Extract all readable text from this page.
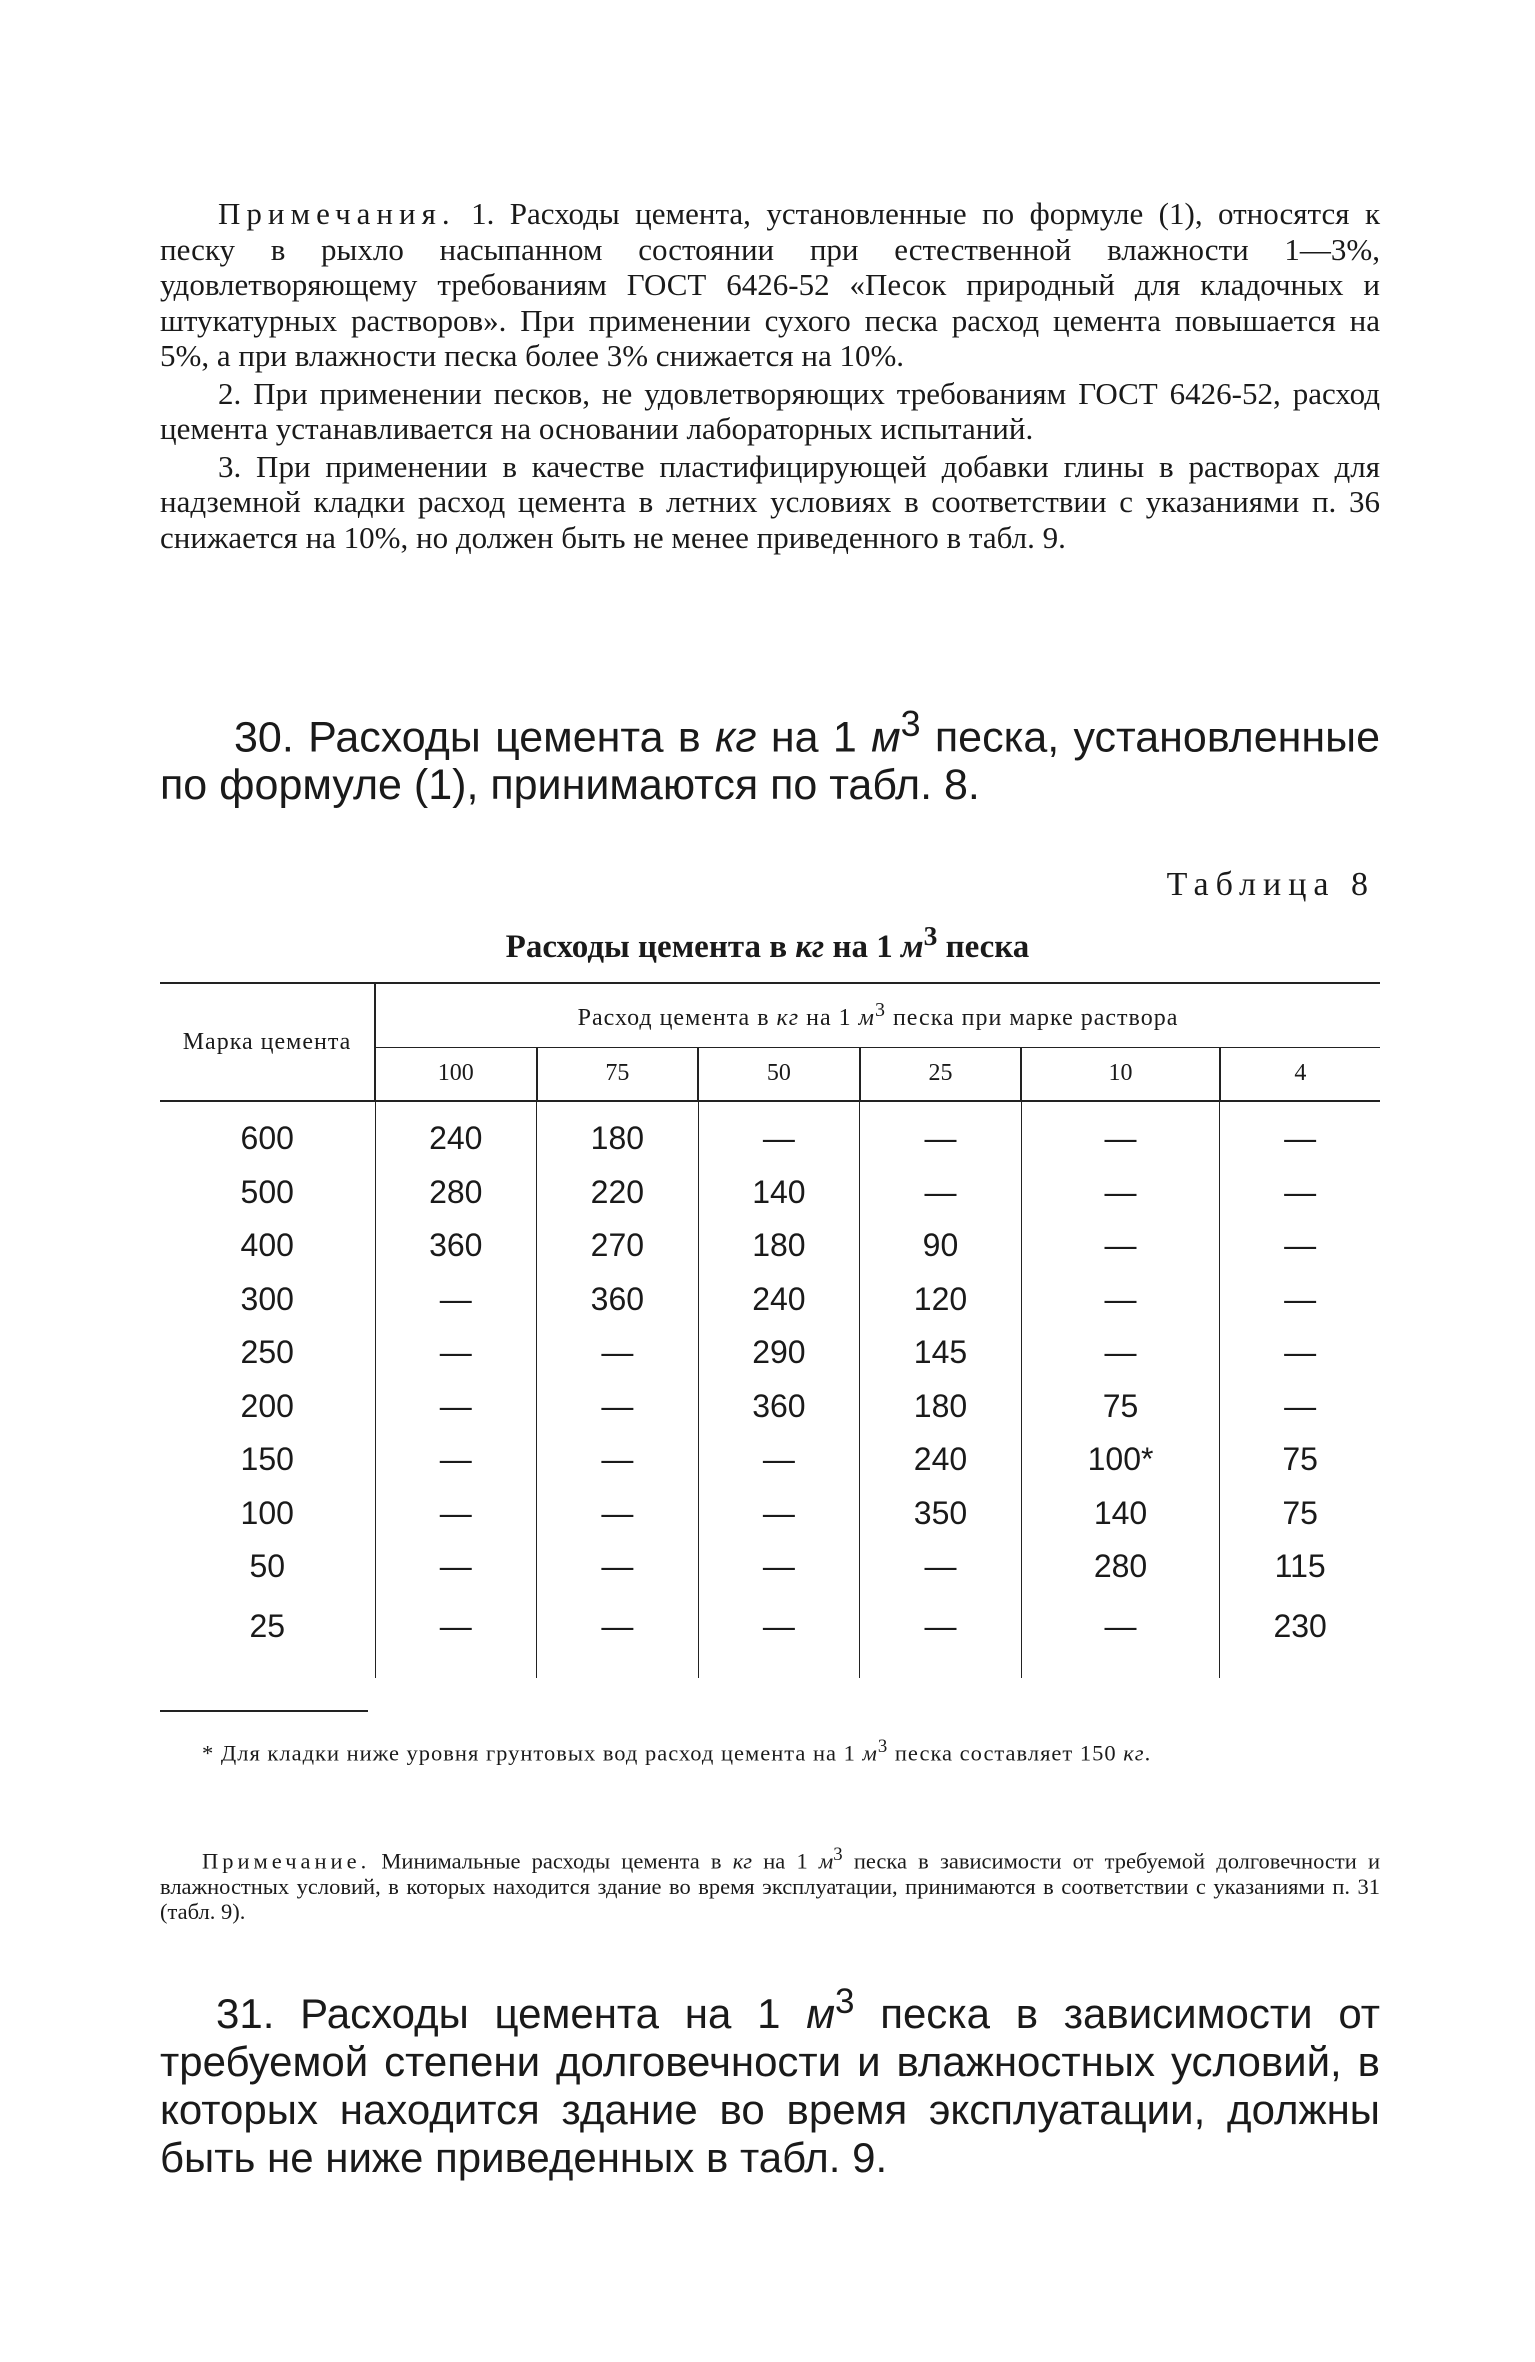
Примечания. 1. Расходы цемента, установленные по формуле (1), относятся к песку в рыхло насыпанном состоянии при естественной влажности 1—3%, удовлетворяющему требованиям ГОСТ 6426-52 «Песок природный для кладочных и штукатурных растворов». При применении сухого песка расход цемента повышается на 5%, а при влажности песка более 3% снижается на 10%.

2. При применении песков, не удовлетворяющих требованиям ГОСТ 6426-52, расход цемента устанавливается на основании лабораторных испытаний.

3. При применении в качестве пластифицирующей добавки глины в растворах для надземной кладки расход цемента в летних условиях в соответствии с указаниями п. 36 снижается на 10%, но должен быть не менее приведенного в табл. 9.

30. Расходы цемента в кг на 1 $м^3$ песка, установленные по формуле (1), принимаются по табл. 8.

Таблица 8
Расходы цемента в кг на 1 $м^3$ песка
Марка цемента	Расход цемента в кг на 1 $м^3$ песка при марке раствора					
	100	75	50	25	10	4
600	240	180	—	—	—	—
500	280	220	140	—	—	—
400	360	270	180	90	—	—
300	—	360	240	120	—	—
250	—	—	290	145	—	—
200	—	—	360	180	75	—
150	—	—	—	240	100*	75
100	—	—	—	350	140	75
50	—	—	—	—	280	115
25	—	—	—	—	—	230

* Для кладки ниже уровня грунтовых вод расход цемента на 1 $м^3$ песка составляет 150 кг.

Примечание. Минимальные расходы цемента в кг на 1 $м^3$ песка в зависимости от требуемой долговечности и влажностных условий, в которых находится здание во время эксплуатации, принимаются в соответствии с указаниями п. 31 (табл. 9).

31. Расходы цемента на 1 $м^3$ песка в зависимости от требуемой степени долговечности и влажностных условий, в которых находится здание во время эксплуатации, должны быть не ниже приведенных в табл. 9.
